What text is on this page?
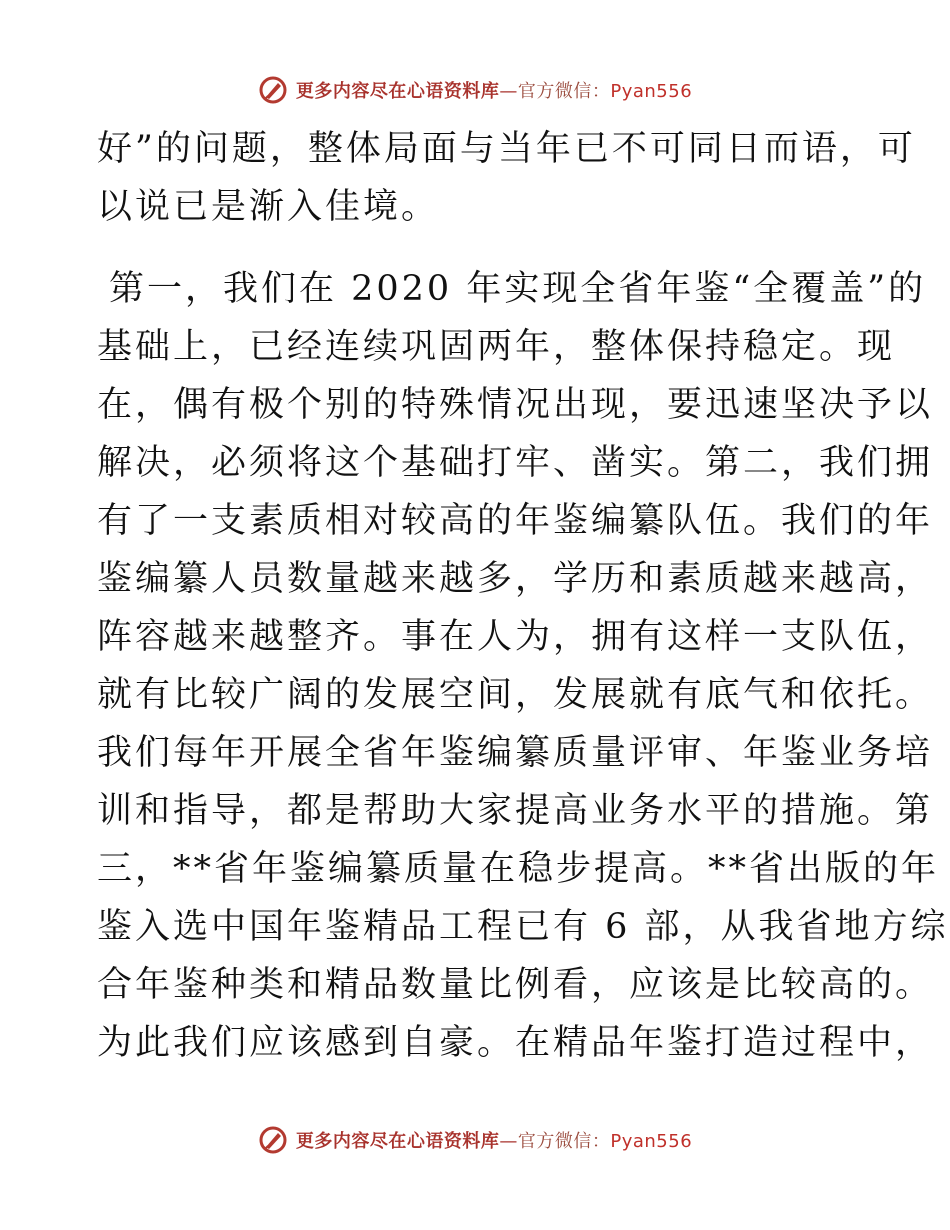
更多内容尽在心语资料库—官方微信：Pyan556
好”的问题，整体局面与当年已不可同日而语，可
以说已是渐入佳境。
第一，我们在 2020 年实现全省年鉴“全覆盖”的
基础上，已经连续巩固两年，整体保持稳定。现
在，偶有极个别的特殊情况出现，要迅速坚决予以
解决，必须将这个基础打牢、凿实。第二，我们拥
有了一支素质相对较高的年鉴编纂队伍。我们的年
鉴编纂人员数量越来越多，学历和素质越来越高，
阵容越来越整齐。事在人为，拥有这样一支队伍，
就有比较广阔的发展空间，发展就有底气和依托。
我们每年开展全省年鉴编纂质量评审、年鉴业务培
训和指导，都是帮助大家提高业务水平的措施。第
三，**省年鉴编纂质量在稳步提高。**省出版的年
鉴入选中国年鉴精品工程已有 6 部，从我省地方综
合年鉴种类和精品数量比例看，应该是比较高的。
为此我们应该感到自豪。在精品年鉴打造过程中，
更多内容尽在心语资料库—官方微信：Pyan556
